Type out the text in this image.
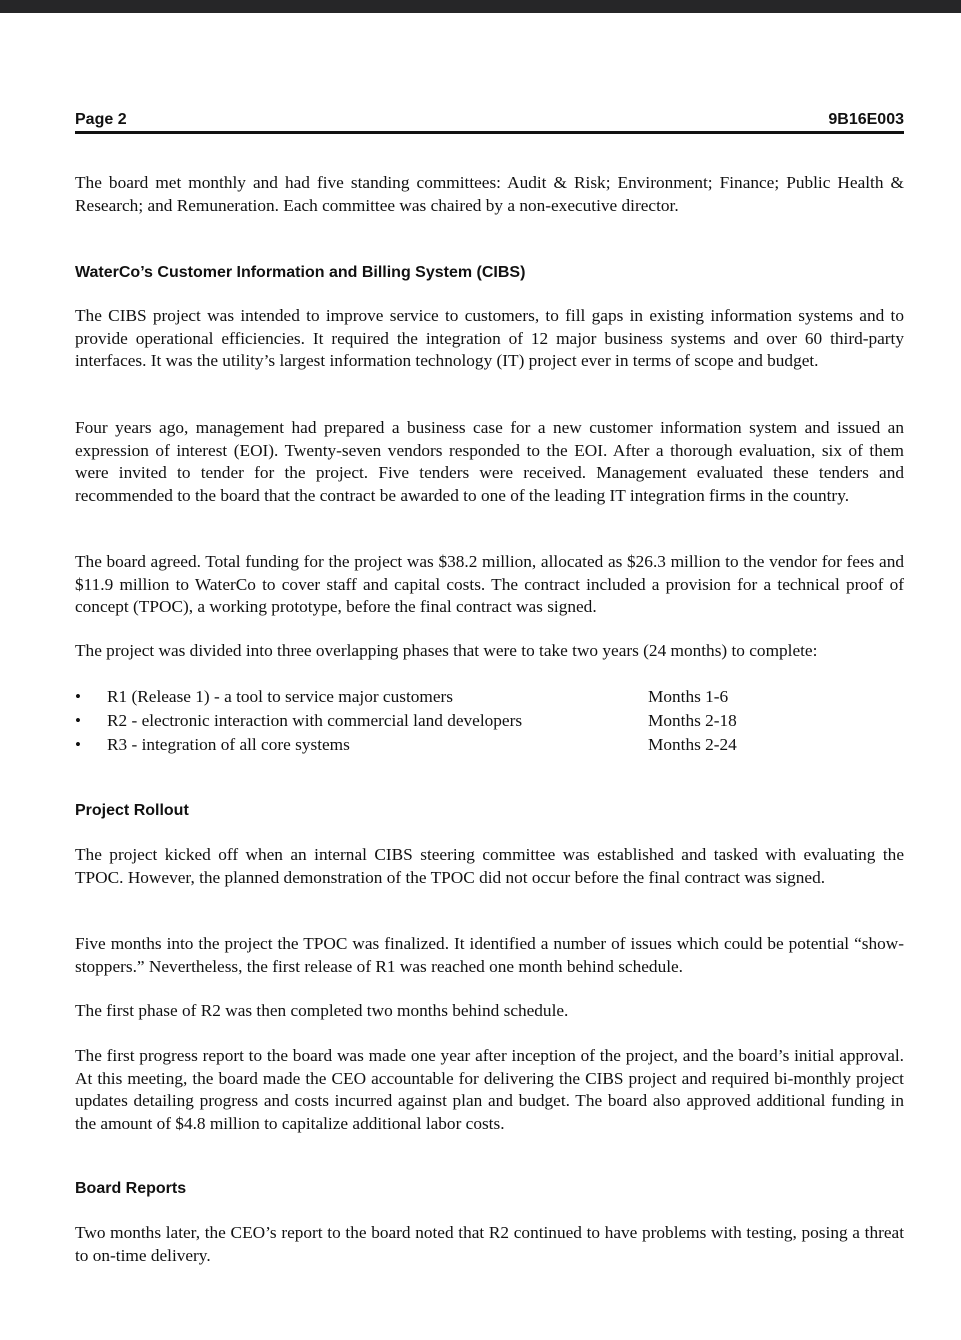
Page 2	9B16E003

The board met monthly and had five standing committees: Audit & Risk; Environment; Finance; Public Health & Research; and Remuneration. Each committee was chaired by a non-executive director.

WaterCo’s Customer Information and Billing System (CIBS)

The CIBS project was intended to improve service to customers, to fill gaps in existing information systems and to provide operational efficiencies. It required the integration of 12 major business systems and over 60 third-party interfaces. It was the utility’s largest information technology (IT) project ever in terms of scope and budget.

Four years ago, management had prepared a business case for a new customer information system and issued an expression of interest (EOI). Twenty-seven vendors responded to the EOI. After a thorough evaluation, six of them were invited to tender for the project. Five tenders were received. Management evaluated these tenders and recommended to the board that the contract be awarded to one of the leading IT integration firms in the country.

The board agreed. Total funding for the project was $38.2 million, allocated as $26.3 million to the vendor for fees and $11.9 million to WaterCo to cover staff and capital costs. The contract included a provision for a technical proof of concept (TPOC), a working prototype, before the final contract was signed.

The project was divided into three overlapping phases that were to take two years (24 months) to complete:

• R1 (Release 1) - a tool to service major customers	Months 1-6
• R2 - electronic interaction with commercial land developers	Months 2-18
• R3 - integration of all core systems	Months 2-24
Project Rollout

The project kicked off when an internal CIBS steering committee was established and tasked with evaluating the TPOC. However, the planned demonstration of the TPOC did not occur before the final contract was signed.

Five months into the project the TPOC was finalized. It identified a number of issues which could be potential “show-stoppers.” Nevertheless, the first release of R1 was reached one month behind schedule.

The first phase of R2 was then completed two months behind schedule.

The first progress report to the board was made one year after inception of the project, and the board’s initial approval. At this meeting, the board made the CEO accountable for delivering the CIBS project and required bi-monthly project updates detailing progress and costs incurred against plan and budget. The board also approved additional funding in the amount of $4.8 million to capitalize additional labor costs.

Board Reports

Two months later, the CEO’s report to the board noted that R2 continued to have problems with testing, posing a threat to on-time delivery.
